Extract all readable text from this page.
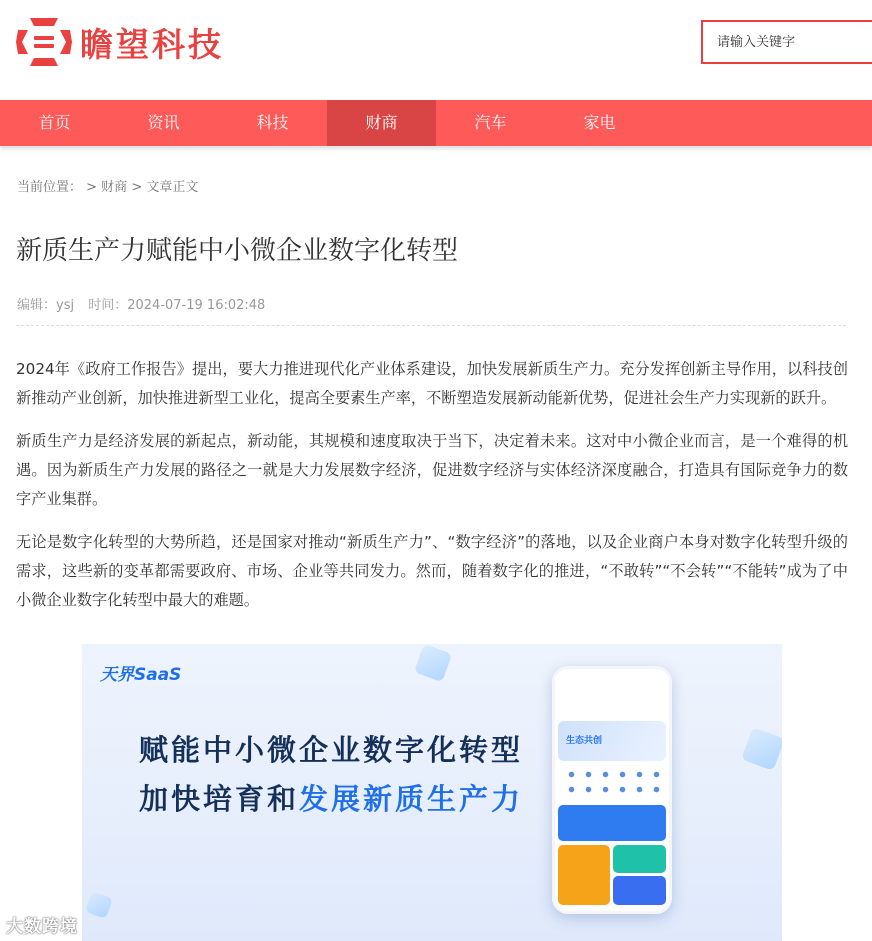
瞻望科技
请输入关键字
首页	资讯	科技	财商	汽车	家电
当前位置： > 财商 > 文章正文
新质生产力赋能中小微企业数字化转型
编辑：ysj 时间：2024-07-19 16:02:48

2024年《政府工作报告》提出，要大力推进现代化产业体系建设，加快发展新质生产力。充分发挥创新主导作用，以科技创新推动产业创新，加快推进新型工业化，提高全要素生产率，不断塑造发展新动能新优势，促进社会生产力实现新的跃升。

新质生产力是经济发展的新起点，新动能，其规模和速度取决于当下，决定着未来。这对中小微企业而言，是一个难得的机遇。因为新质生产力发展的路径之一就是大力发展数字经济，促进数字经济与实体经济深度融合，打造具有国际竞争力的数字产业集群。

无论是数字化转型的大势所趋，还是国家对推动“新质生产力”、“数字经济”的落地，以及企业商户本身对数字化转型升级的需求，这些新的变革都需要政府、市场、企业等共同发力。然而，随着数字化的推进，“不敢转”“不会转”“不能转”成为了中小微企业数字化转型中最大的难题。

天界SaaS
赋能中小微企业数字化转型
加快培育和发展新质生产力
生态共创
大数跨境
